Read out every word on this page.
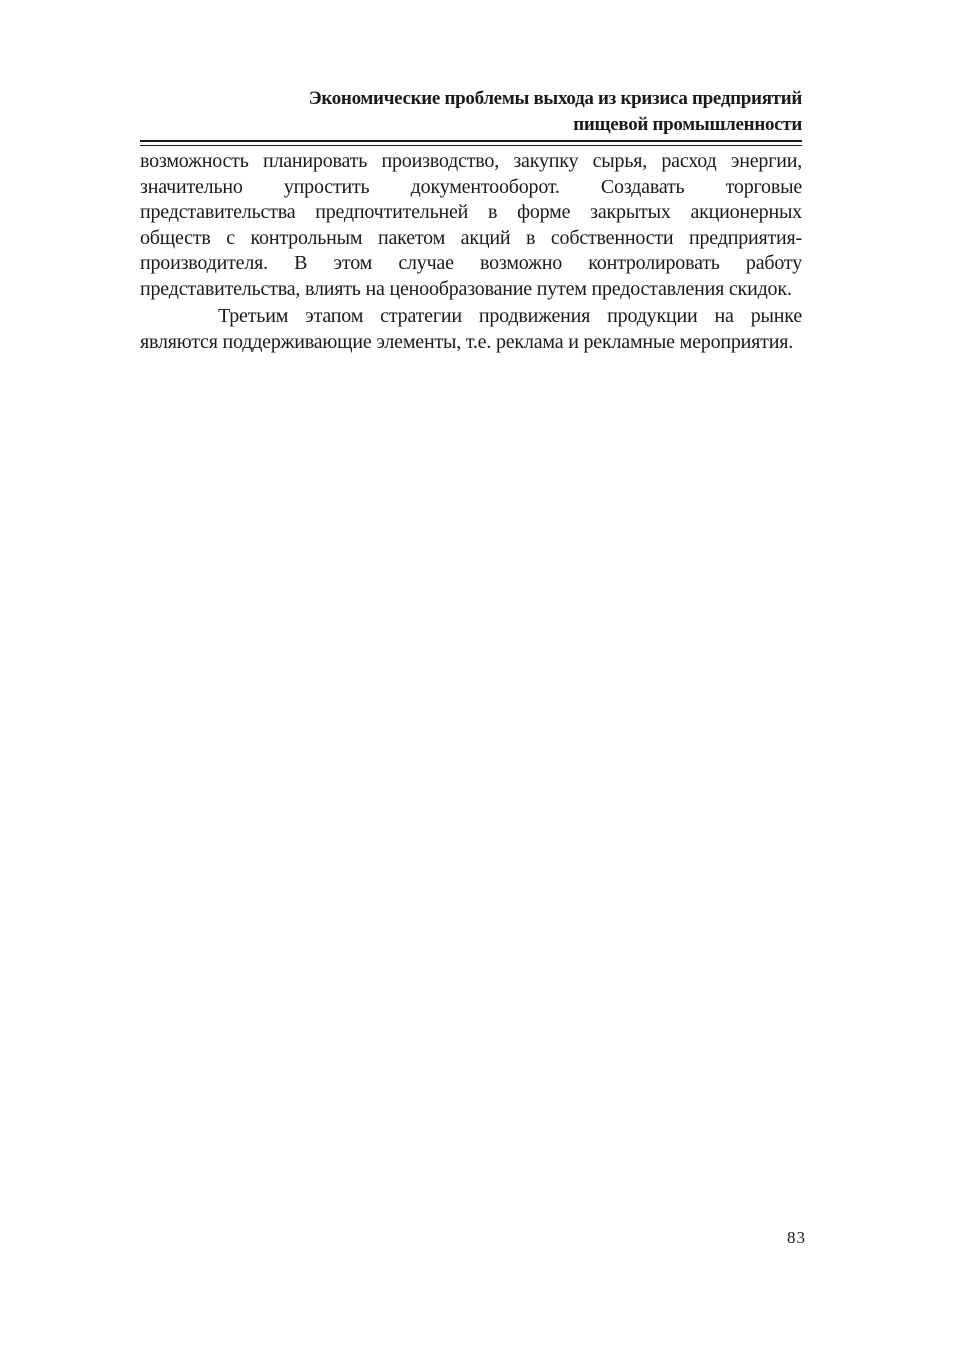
Экономические проблемы выхода из кризиса предприятий
пищевой промышленности

возможность планировать производство, закупку сырья, расход энергии, значительно упростить документооборот. Создавать торговые представительства предпочтительней в форме закрытых акционерных обществ с контрольным пакетом акций в собственности предприятия-производителя. В этом случае возможно контролировать работу представительства, влиять на ценообразование путем предоставления скидок.

Третьим этапом стратегии продвижения продукции на рынке являются поддерживающие элементы, т.е. реклама и рекламные мероприятия.

83
